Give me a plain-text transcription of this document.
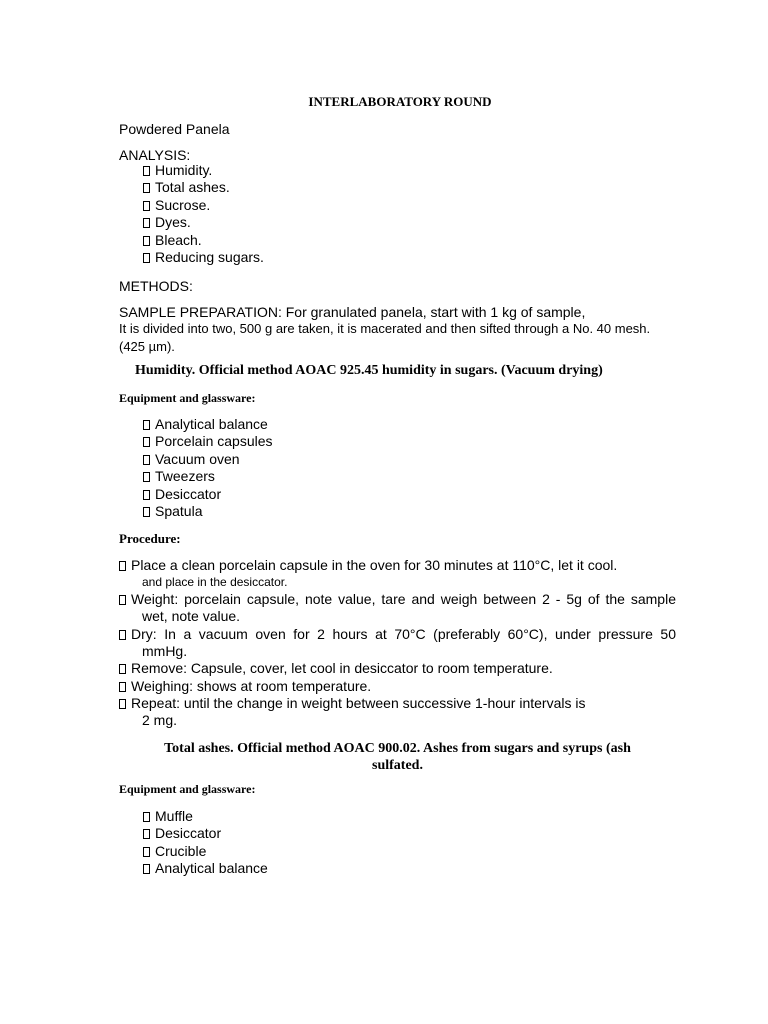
INTERLABORATORY ROUND
Powdered Panela
ANALYSIS:
Humidity.
Total ashes.
Sucrose.
Dyes.
Bleach.
Reducing sugars.
METHODS:
SAMPLE PREPARATION: For granulated panela, start with 1 kg of sample,
It is divided into two, 500 g are taken, it is macerated and then sifted through a No. 40 mesh.
(425 µm).
Humidity. Official method AOAC 925.45 humidity in sugars. (Vacuum drying)
Equipment and glassware:
Analytical balance
Porcelain capsules
Vacuum oven
Tweezers
Desiccator
Spatula
Procedure:
Place a clean porcelain capsule in the oven for 30 minutes at 110°C, let it cool.
and place in the desiccator.
Weight: porcelain capsule, note value, tare and weigh between 2 - 5g of the sample
wet, note value.
Dry: In a vacuum oven for 2 hours at 70°C (preferably 60°C), under pressure 50
mmHg.
Remove: Capsule, cover, let cool in desiccator to room temperature.
Weighing: shows at room temperature.
Repeat: until the change in weight between successive 1-hour intervals is
2 mg.
Total ashes. Official method AOAC 900.02. Ashes from sugars and syrups (ash
sulfated.
Equipment and glassware:
Muffle
Desiccator
Crucible
Analytical balance
